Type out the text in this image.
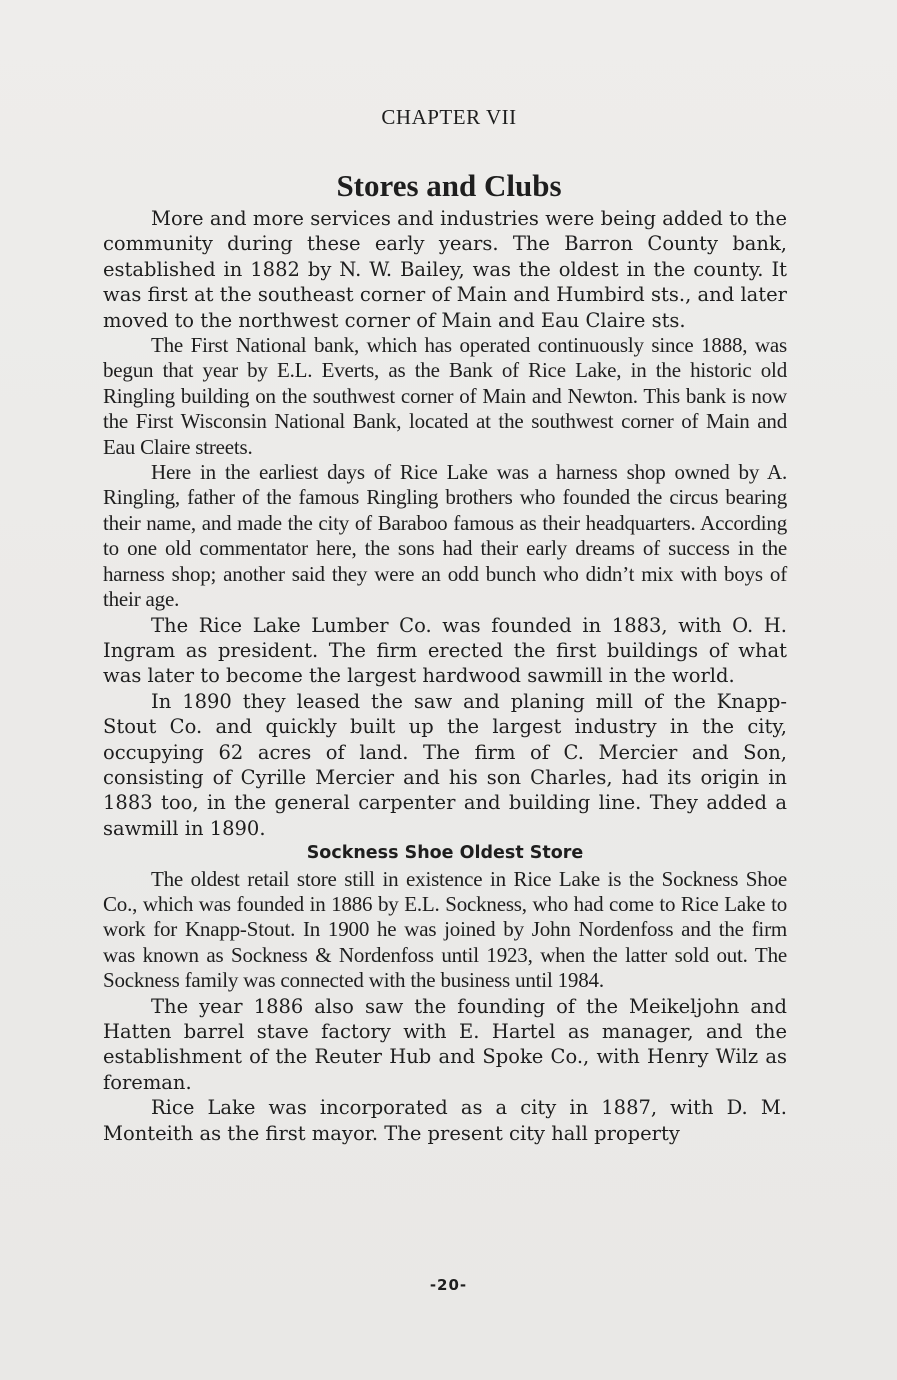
CHAPTER VII
Stores and Clubs

More and more services and industries were being added to the community during these early years. The Barron County bank, established in 1882 by N. W. Bailey, was the oldest in the county. It was first at the southeast corner of Main and Humbird sts., and later moved to the northwest corner of Main and Eau Claire sts.

The First National bank, which has operated continuously since 1888, was begun that year by E.L. Everts, as the Bank of Rice Lake, in the historic old Ringling building on the southwest corner of Main and Newton. This bank is now the First Wisconsin National Bank, located at the southwest corner of Main and Eau Claire streets.

Here in the earliest days of Rice Lake was a harness shop owned by A. Ringling, father of the famous Ringling brothers who founded the circus bearing their name, and made the city of Baraboo famous as their headquarters. According to one old commentator here, the sons had their early dreams of success in the harness shop; another said they were an odd bunch who didn’t mix with boys of their age.

The Rice Lake Lumber Co. was founded in 1883, with O. H. Ingram as president. The firm erected the first buildings of what was later to become the largest hardwood sawmill in the world.

In 1890 they leased the saw and planing mill of the Knapp-Stout Co. and quickly built up the largest industry in the city, occupying 62 acres of land. The firm of C. Mercier and Son, consisting of Cyrille Mercier and his son Charles, had its origin in 1883 too, in the general carpenter and building line. They added a sawmill in 1890.

Sockness Shoe Oldest Store

The oldest retail store still in existence in Rice Lake is the Sockness Shoe Co., which was founded in 1886 by E.L. Sockness, who had come to Rice Lake to work for Knapp-Stout. In 1900 he was joined by John Nordenfoss and the firm was known as Sockness & Nordenfoss until 1923, when the latter sold out. The Sockness family was connected with the business until 1984.

The year 1886 also saw the founding of the Meikeljohn and Hatten barrel stave factory with E. Hartel as manager, and the establishment of the Reuter Hub and Spoke Co., with Henry Wilz as foreman.

Rice Lake was incorporated as a city in 1887, with D. M. Monteith as the first mayor. The present city hall property

-20-
